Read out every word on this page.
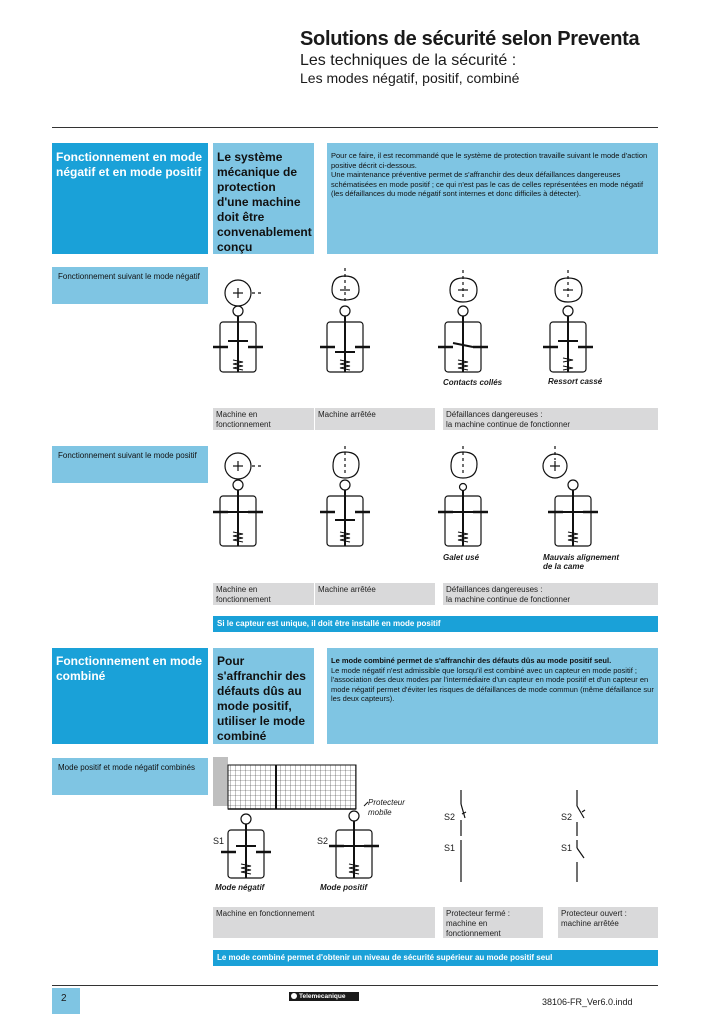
Solutions de sécurité selon Preventa
Les techniques de la sécurité :
Les modes négatif, positif, combiné
Fonctionnement en mode négatif et en mode positif
Le système mécanique de protection d'une machine doit être convenablement conçu
Pour ce faire, il est recommandé que le système de protection travaille suivant le mode d'action positive décrit ci-dessous.
Une maintenance préventive permet de s'affranchir des deux défaillances dangereuses schématisées en mode positif ; ce qui n'est pas le cas de celles représentées en mode négatif (les défaillances du mode négatif sont internes et donc difficiles à détecter).
Fonctionnement suivant le mode négatif
Contacts collés	Ressort cassé
Machine en fonctionnement
Machine arrêtée	Défaillances dangereuses :
la machine continue de fonctionner
Fonctionnement suivant le mode positif
Galet usé	Mauvais alignement
de la came
Machine en fonctionnement
Machine arrêtée	Défaillances dangereuses :
la machine continue de fonctionner
Si le capteur est unique, il doit être installé en mode positif
Fonctionnement en mode combiné
Pour s'affranchir des défauts dûs au mode positif, utiliser le mode combiné
Le mode combiné permet de s'affranchir des défauts dûs au mode positif seul.
Le mode négatif n'est admissible que lorsqu'il est combiné avec un capteur en mode positif ; l'association des deux modes par l'intermédiaire d'un capteur en mode positif et d'un capteur en mode négatif permet d'éviter les risques de défaillances de mode commun (même défaillance sur les deux capteurs).
Mode positif et mode négatif combinés
Protecteur
mobile
S1	S2
S2
S1
S2
S1
Mode négatif	Mode positif
Machine en fonctionnement	Protecteur fermé :
machine en
fonctionnement
Protecteur ouvert :
machine arrêtée
Le mode combiné permet d'obtenir un niveau de sécurité supérieur au mode positif seul
2	Telemecanique
38106-FR_Ver6.0.indd
